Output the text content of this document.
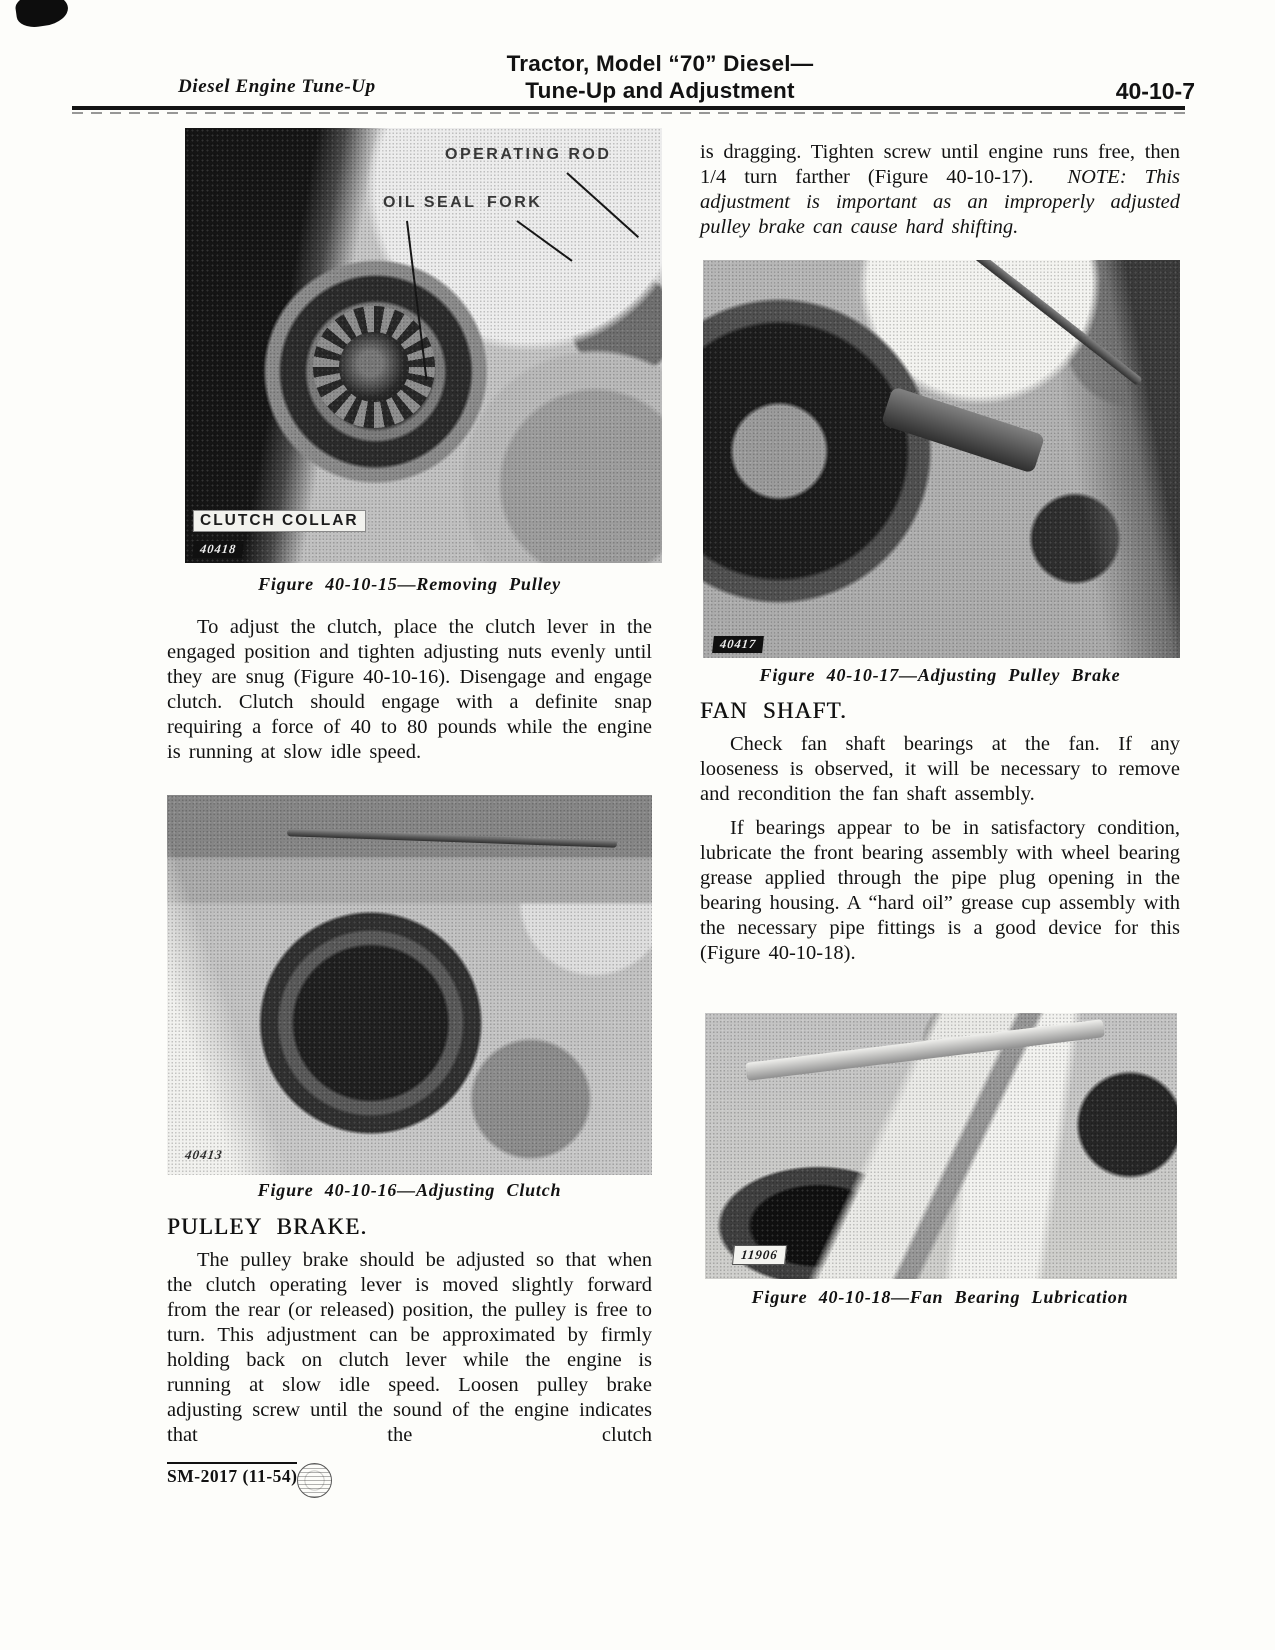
Diesel Engine Tune-Up
Tractor, Model “70” Diesel—
Tune-Up and Adjustment	40-10-7
OPERATING ROD
OIL SEAL FORK
CLUTCH COLLAR
40418
Figure 40-10-15—Removing Pulley
To adjust the clutch, place the clutch lever in the engaged position and tighten adjusting nuts evenly until they are snug (Figure 40-10-16). Disengage and engage clutch. Clutch should engage with a definite snap requiring a force of 40 to 80 pounds while the engine is running at slow idle speed.
40413
Figure 40-10-16—Adjusting Clutch
PULLEY BRAKE.
The pulley brake should be adjusted so that when the clutch operating lever is moved slightly forward from the rear (or released) position, the pulley is free to turn. This adjustment can be approximated by firmly holding back on clutch lever while the engine is running at slow idle speed. Loosen pulley brake adjusting screw until the sound of the engine indicates that the clutch
SM-2017 (11-54)
is dragging. Tighten screw until engine runs free, then 1/4 turn farther (Figure 40-10-17). NOTE: This adjustment is important as an improperly adjusted pulley brake can cause hard shifting.
40417
Figure 40-10-17—Adjusting Pulley Brake
FAN SHAFT.
Check fan shaft bearings at the fan. If any looseness is observed, it will be necessary to remove and recondition the fan shaft assembly.
If bearings appear to be in satisfactory condition, lubricate the front bearing assembly with wheel bearing grease applied through the pipe plug opening in the bearing housing. A “hard oil” grease cup assembly with the necessary pipe fittings is a good device for this (Figure 40-10-18).
11906
Figure 40-10-18—Fan Bearing Lubrication
